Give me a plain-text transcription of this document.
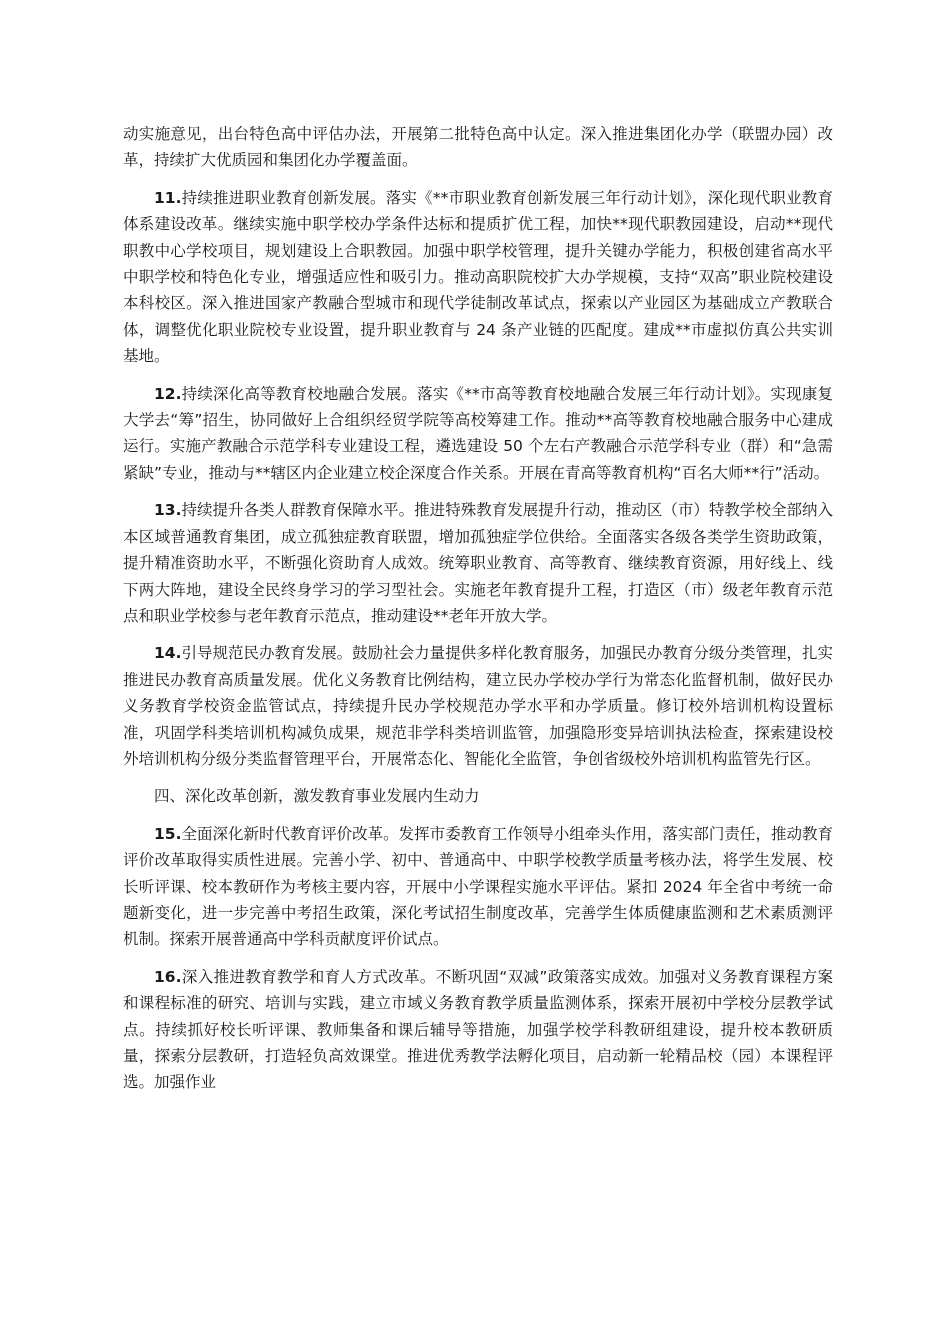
动实施意见，出台特色高中评估办法，开展第二批特色高中认定。深入推进集团化办学（联盟办园）改革，持续扩大优质园和集团化办学覆盖面。

11.持续推进职业教育创新发展。落实《**市职业教育创新发展三年行动计划》，深化现代职业教育体系建设改革。继续实施中职学校办学条件达标和提质扩优工程，加快**现代职教园建设，启动**现代职教中心学校项目，规划建设上合职教园。加强中职学校管理，提升关键办学能力，积极创建省高水平中职学校和特色化专业，增强适应性和吸引力。推动高职院校扩大办学规模，支持“双高”职业院校建设本科校区。深入推进国家产教融合型城市和现代学徒制改革试点，探索以产业园区为基础成立产教联合体，调整优化职业院校专业设置，提升职业教育与 24 条产业链的匹配度。建成**市虚拟仿真公共实训基地。

12.持续深化高等教育校地融合发展。落实《**市高等教育校地融合发展三年行动计划》。实现康复大学去“筹”招生，协同做好上合组织经贸学院等高校筹建工作。推动**高等教育校地融合服务中心建成运行。实施产教融合示范学科专业建设工程，遴选建设 50 个左右产教融合示范学科专业（群）和“急需紧缺”专业，推动与**辖区内企业建立校企深度合作关系。开展在青高等教育机构“百名大师**行”活动。

13.持续提升各类人群教育保障水平。推进特殊教育发展提升行动，推动区（市）特教学校全部纳入本区域普通教育集团，成立孤独症教育联盟，增加孤独症学位供给。全面落实各级各类学生资助政策，提升精准资助水平，不断强化资助育人成效。统筹职业教育、高等教育、继续教育资源，用好线上、线下两大阵地，建设全民终身学习的学习型社会。实施老年教育提升工程，打造区（市）级老年教育示范点和职业学校参与老年教育示范点，推动建设**老年开放大学。

14.引导规范民办教育发展。鼓励社会力量提供多样化教育服务，加强民办教育分级分类管理，扎实推进民办教育高质量发展。优化义务教育比例结构，建立民办学校办学行为常态化监督机制，做好民办义务教育学校资金监管试点，持续提升民办学校规范办学水平和办学质量。修订校外培训机构设置标准，巩固学科类培训机构减负成果，规范非学科类培训监管，加强隐形变异培训执法检查，探索建设校外培训机构分级分类监督管理平台，开展常态化、智能化全监管，争创省级校外培训机构监管先行区。

四、深化改革创新，激发教育事业发展内生动力

15.全面深化新时代教育评价改革。发挥市委教育工作领导小组牵头作用，落实部门责任，推动教育评价改革取得实质性进展。完善小学、初中、普通高中、中职学校教学质量考核办法，将学生发展、校长听评课、校本教研作为考核主要内容，开展中小学课程实施水平评估。紧扣 2024 年全省中考统一命题新变化，进一步完善中考招生政策，深化考试招生制度改革，完善学生体质健康监测和艺术素质测评机制。探索开展普通高中学科贡献度评价试点。

16.深入推进教育教学和育人方式改革。不断巩固“双减”政策落实成效。加强对义务教育课程方案和课程标准的研究、培训与实践，建立市域义务教育教学质量监测体系，探索开展初中学校分层教学试点。持续抓好校长听评课、教师集备和课后辅导等措施，加强学校学科教研组建设，提升校本教研质量，探索分层教研，打造轻负高效课堂。推进优秀教学法孵化项目，启动新一轮精品校（园）本课程评选。加强作业
